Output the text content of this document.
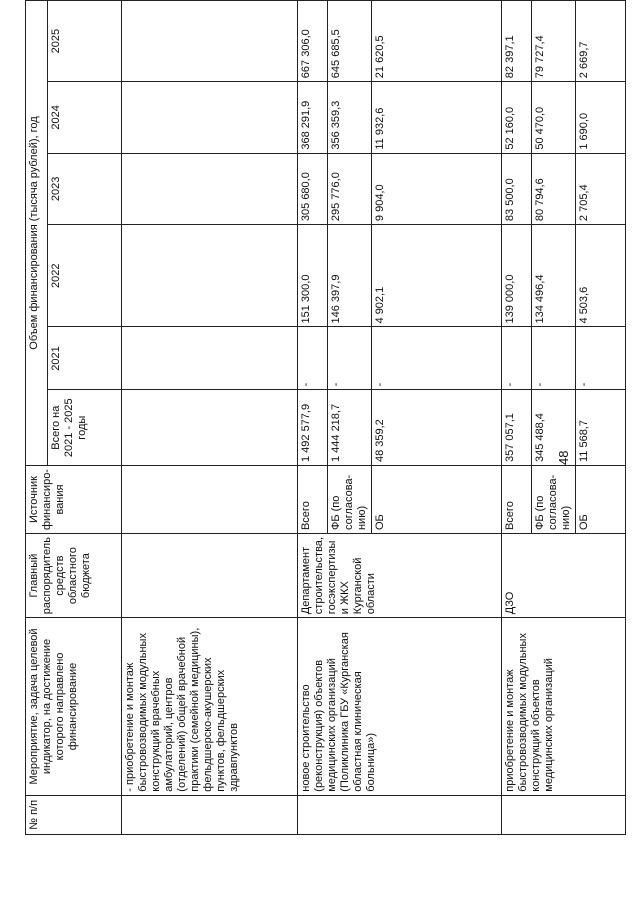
48
№ п/п	Мероприятие, задача целевой индикатор, на достижение которого направлено финансирование	Главный распорядитель средств областного бюджета	Источник финансиро-вания	Объем финансирования (тысяча рублей), год					
				Всего на 2021 - 2025 годы	2021	2022	2023	2024	2025
	- приобретение и монтаж быстровозводимых модульных конструкций врачебных амбулаторий, центров (отделений) общей врачебной практики (семейной медицины), фельдшерско-акушерских пунктов, фельдшерских здравпунктов								
	новое строительство (реконструкция) объектов медицинских организаций (Поликлиника ГБУ «Курганская областная клиническая больница»)	Департамент строительства, госэкспертизы и ЖКХ Курганской области	Всего	1 492 577,9	-	151 300,0	305 680,0	368 291,9	667 306,0
			ФБ (по согласова-нию)	1 444 218,7	-	146 397,9	295 776,0	356 359,3	645 685,5
			ОБ	48 359,2	-	4 902,1	9 904,0	11 932,6	21 620,5
	приобретение и монтаж быстровозводимых модульных конструкций объектов медицинских организаций	ДЗО	Всего	357 057,1	-	139 000,0	83 500,0	52 160,0	82 397,1
			ФБ (по согласова-нию)	345 488,4	-	134 496,4	80 794,6	50 470,0	79 727,4
			ОБ	11 568,7	-	4 503,6	2 705,4	1 690,0	2 669,7
